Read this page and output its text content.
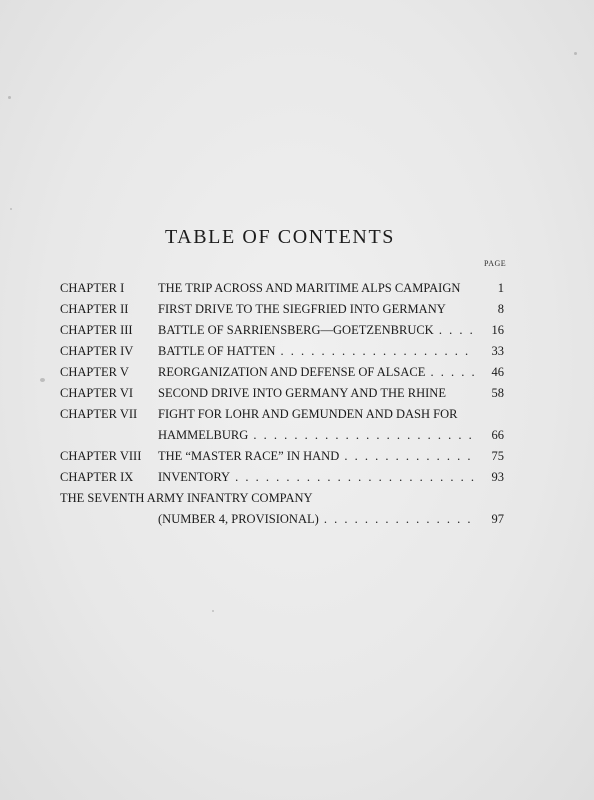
TABLE OF CONTENTS
PAGE
CHAPTER I	THE TRIP ACROSS AND MARITIME ALPS CAMPAIGN	1
CHAPTER II FIRST DRIVE TO THE SIEGFRIED INTO GERMANY	8
CHAPTER III BATTLE OF SARRIENSBERG—GOETZENBRUCK . . .	16
CHAPTER IV BATTLE OF HATTEN . . .	33
CHAPTER V REORGANIZATION AND DEFENSE OF ALSACE . . .	46
CHAPTER VI SECOND DRIVE INTO GERMANY AND THE RHINE	58
CHAPTER VII FIGHT FOR LOHR AND GEMUNDEN AND DASH FOR
HAMMELBURG . . .	66
CHAPTER VIII THE “MASTER RACE” IN HAND . . .	75
CHAPTER IX INVENTORY . . .	93
THE SEVENTH ARMY INFANTRY COMPANY
(NUMBER 4, PROVISIONAL) . . .	97
